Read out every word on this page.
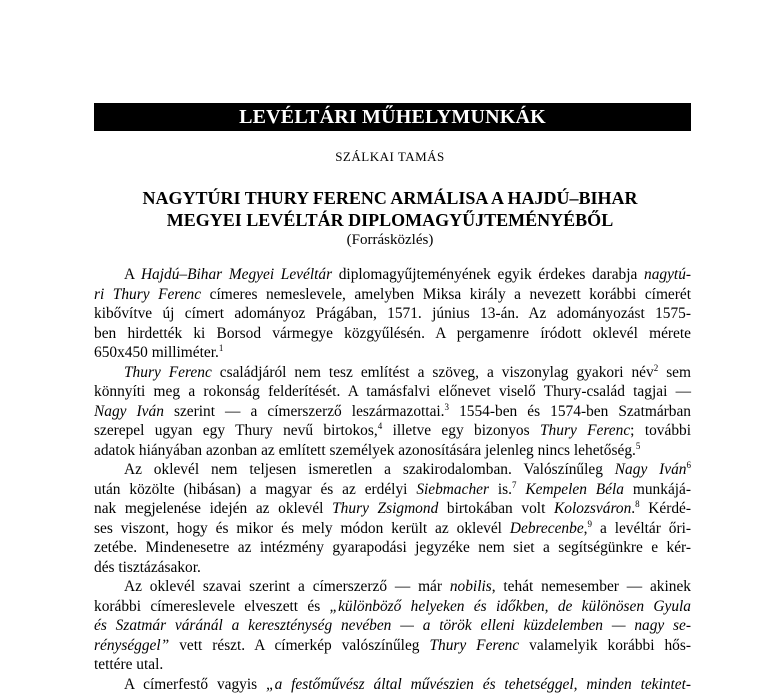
LEVÉLTÁRI MŰHELYMUNKÁK
SZÁLKAI TAMÁS
NAGYTÚRI THURY FERENC ARMÁLISA A HAJDÚ–BIHAR
MEGYEI LEVÉLTÁR DIPLOMAGYŰJTEMÉNYÉBŐL
(Forrásközlés)
A Hajdú–Bihar Megyei Levéltár diplomagyűjteményének egyik érdekes darabja nagytú-
ri Thury Ferenc címeres nemeslevele, amelyben Miksa király a nevezett korábbi címerét
kibővítve új címert adományoz Prágában, 1571. június 13-án. Az adományozást 1575-
ben hirdették ki Borsod vármegye közgyűlésén. A pergamenre íródott oklevél mérete
650x450 milliméter.$^1$
Thury Ferenc családjáról nem tesz említést a szöveg, a viszonylag gyakori név$^2$ sem
könnyíti meg a rokonság felderítését. A tamásfalvi előnevet viselő Thury-család tagjai —
Nagy Iván szerint — a címerszerző leszármazottai.$^3$ 1554-ben és 1574-ben Szatmárban
szerepel ugyan egy Thury nevű birtokos,$^4$ illetve egy bizonyos Thury Ferenc; további
adatok hiányában azonban az említett személyek azonosítására jelenleg nincs lehetőség.$^5$
Az oklevél nem teljesen ismeretlen a szakirodalomban. Valószínűleg Nagy Iván$^6$
után közölte (hibásan) a magyar és az erdélyi Siebmacher is.$^7$ Kempelen Béla munkájá-
nak megjelenése idején az oklevél Thury Zsigmond birtokában volt Kolozsváron.$^8$ Kérdé-
ses viszont, hogy és mikor és mely módon került az oklevél Debrecenbe,$^9$ a levéltár őri-
zetébe. Mindenesetre az intézmény gyarapodási jegyzéke nem siet a segítségünkre e kér-
dés tisztázásakor.
Az oklevél szavai szerint a címerszerző — már nobilis, tehát nemesember — akinek
korábbi címereslevele elveszett és „különböző helyeken és időkben, de különösen Gyula
és Szatmár váránál a kereszténység nevében — a török elleni küzdelemben — nagy se-
rénységgel” vett részt. A címerkép valószínűleg Thury Ferenc valamelyik korábbi hős-
tettére utal.
A címerfestő vagyis „a festőművész által művészien és tehetséggel, minden tekintet-
